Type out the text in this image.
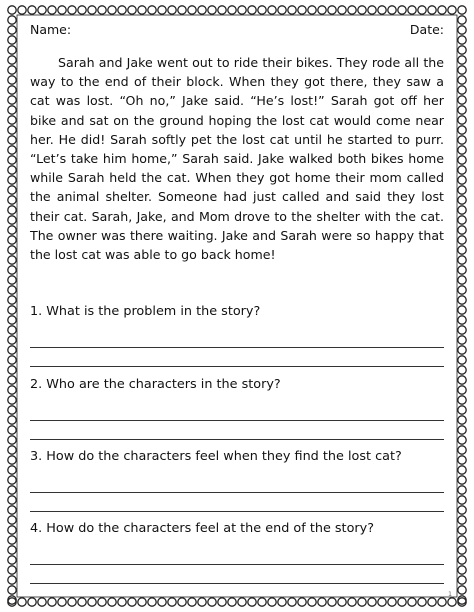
Name:	Date:

Sarah and Jake went out to ride their bikes. They rode all the way to the end of their block. When they got there, they saw a cat was lost. “Oh no,” Jake said. “He’s lost!” Sarah got off her bike and sat on the ground hoping the lost cat would come near her. He did! Sarah softly pet the lost cat until he started to purr. “Let’s take him home,” Sarah said. Jake walked both bikes home while Sarah held the cat. When they got home their mom called the animal shelter. Someone had just called and said they lost their cat. Sarah, Jake, and Mom drove to the shelter with the cat. The owner was there waiting. Jake and Sarah were so happy that the lost cat was able to go back home!

1. What is the problem in the story?
2. Who are the characters in the story?
3. How do the characters feel when they find the lost cat?
4. How do the characters feel at the end of the story?
1
